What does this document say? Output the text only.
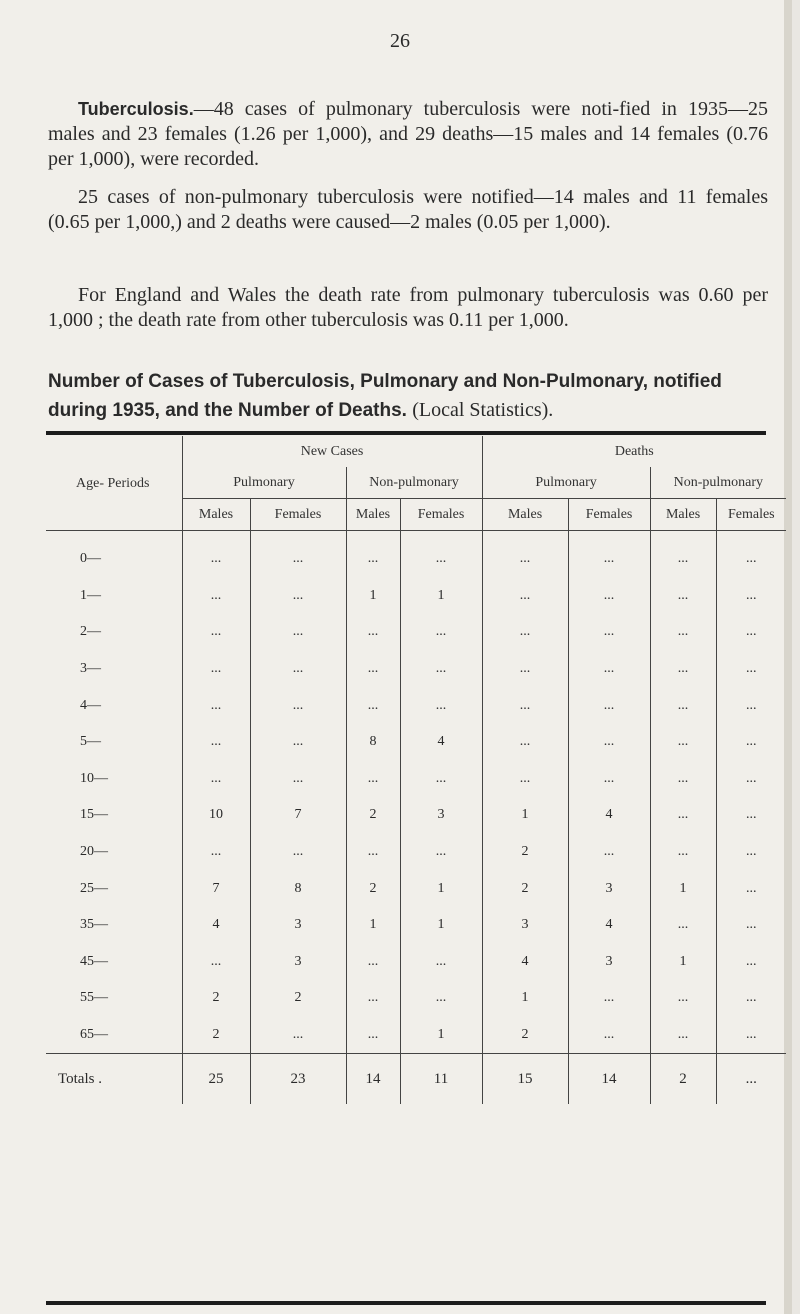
26
Tuberculosis.—48 cases of pulmonary tuberculosis were noti-fied in 1935—25 males and 23 females (1.26 per 1,000), and 29 deaths—15 males and 14 females (0.76 per 1,000), were recorded.
25 cases of non-pulmonary tuberculosis were notified—14 males and 11 females (0.65 per 1,000,) and 2 deaths were caused—2 males (0.05 per 1,000).
For England and Wales the death rate from pulmonary tuberculosis was 0.60 per 1,000 ; the death rate from other tuberculosis was 0.11 per 1,000.
Number of Cases of Tuberculosis, Pulmonary and Non-Pulmonary, notified during 1935, and the Number of Deaths. (Local Statistics).
Age- Periods	New Cases				Deaths			
	Pulmonary		Non-pulmonary		Pulmonary		Non-pulmonary	
	Males	Females	Males	Females	Males	Females	Males	Females
0—	...	...	...	...	...	...	...	...
1—	...	...	1	1	...	...	...	...
2—	...	...	...	...	...	...	...	...
3—	...	...	...	...	...	...	...	...
4—	...	...	...	...	...	...	...	...
5—	...	...	8	4	...	...	...	...
10—	...	...	...	...	...	...	...	...
15—	10	7	2	3	1	4	...	...
20—	...	...	...	...	2	...	...	...
25—	7	8	2	1	2	3	1	...
35—	4	3	1	1	3	4	...	...
45—	...	3	...	...	4	3	1	...
55—	2	2	...	...	1	...	...	...
65—	2	...	...	1	2	...	...	...
Totals .	25	23	14	11	15	14	2	...
